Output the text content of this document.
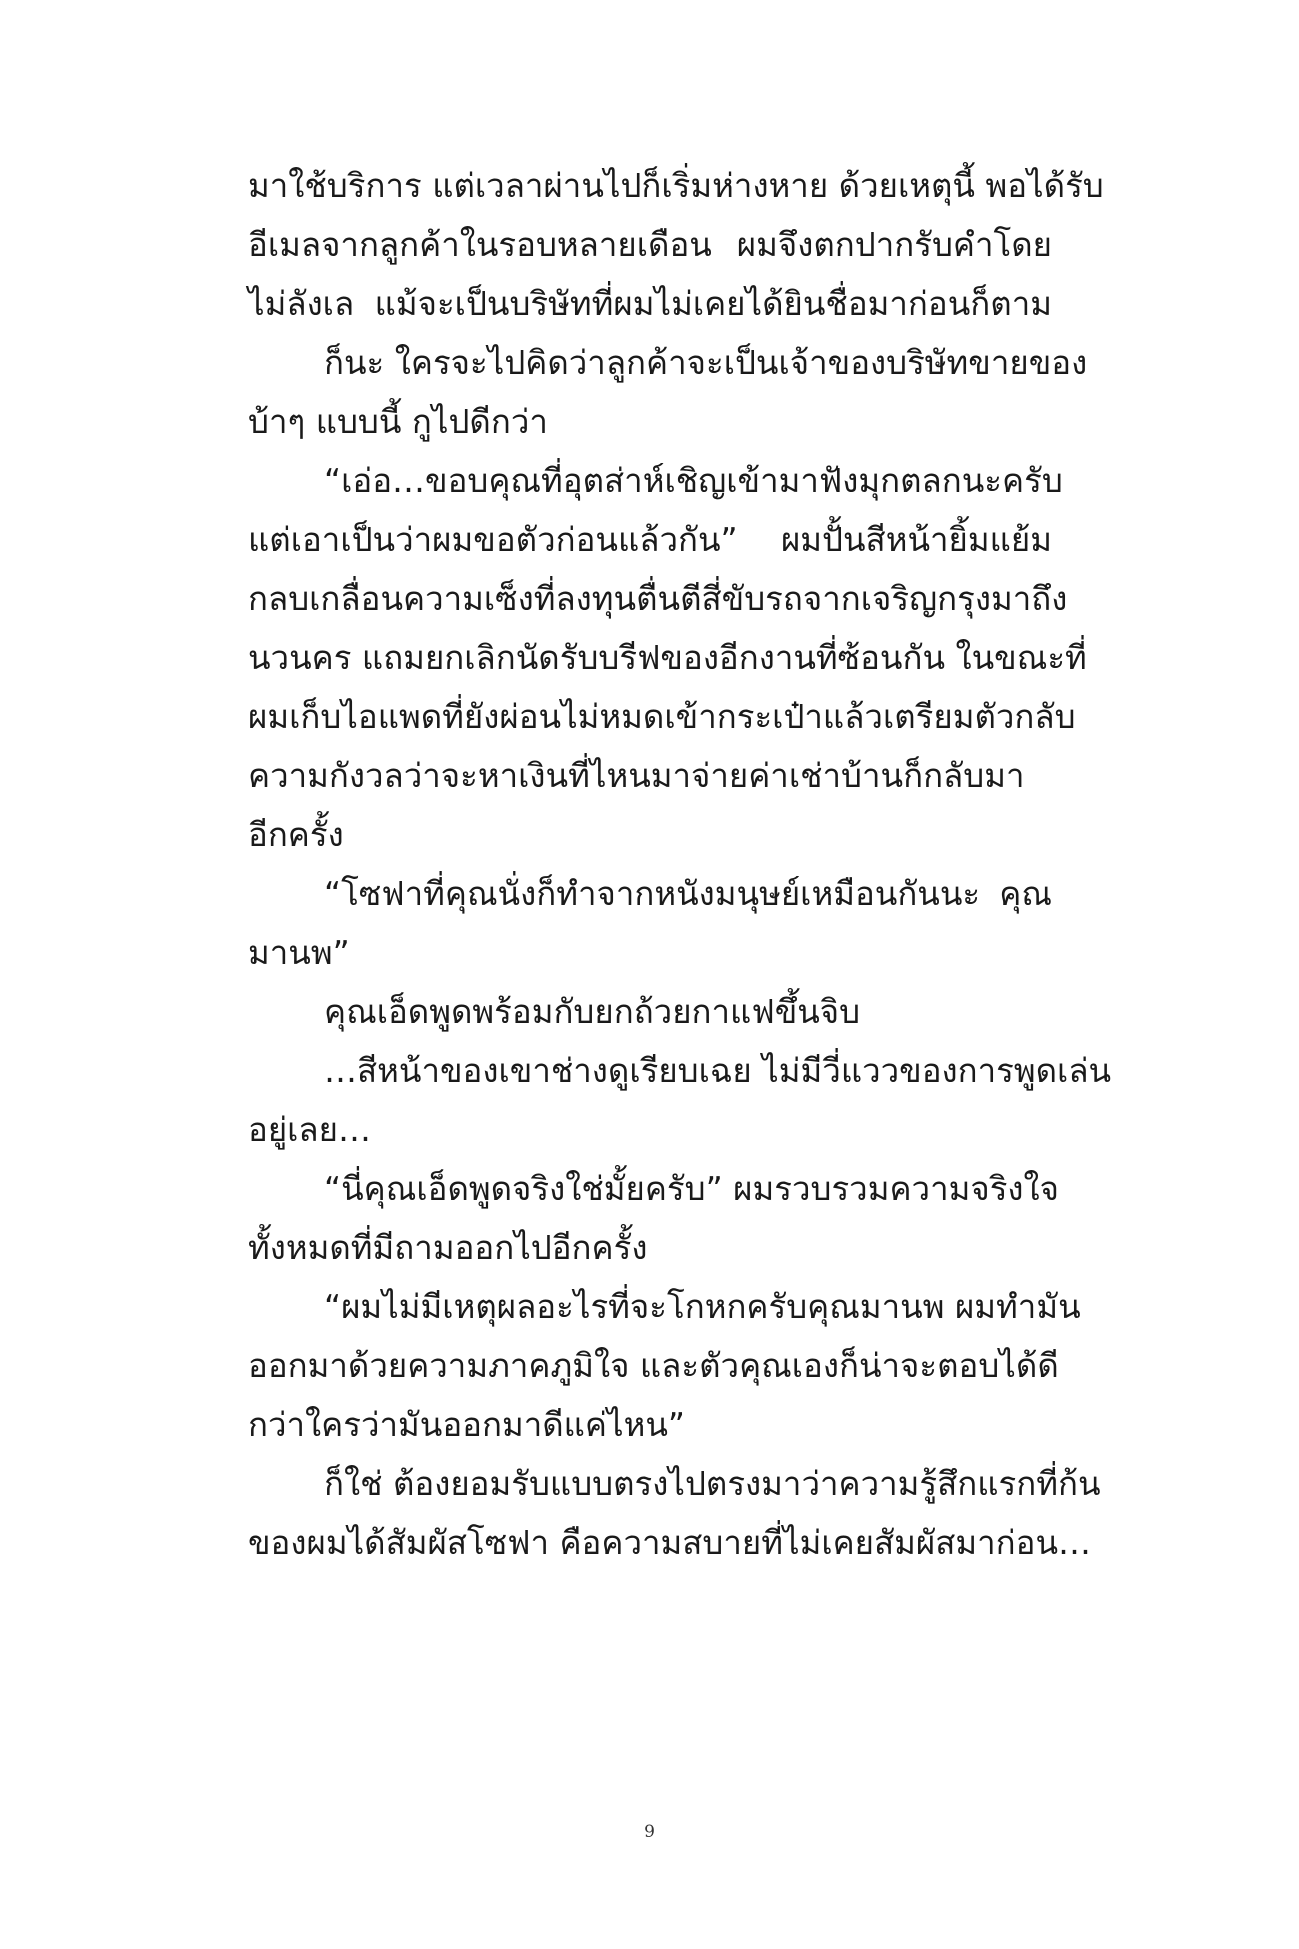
มาใช้บริการ แต่เวลาผ่านไปก็เริ่มห่างหาย ด้วยเหตุนี้ พอได้รับ
อีเมลจากลูกค้าในรอบหลายเดือน ผมจึงตกปากรับคำโดย
ไม่ลังเล แม้จะเป็นบริษัทที่ผมไม่เคยได้ยินชื่อมาก่อนก็ตาม
ก็นะ ใครจะไปคิดว่าลูกค้าจะเป็นเจ้าของบริษัทขายของ
บ้าๆ แบบนี้ กูไปดีกว่า
“เอ่อ…ขอบคุณที่อุตส่าห์เชิญเข้ามาฟังมุกตลกนะครับ
แต่เอาเป็นว่าผมขอตัวก่อนแล้วกัน” ผมปั้นสีหน้ายิ้มแย้ม
กลบเกลื่อนความเซ็งที่ลงทุนตื่นตีสี่ขับรถจากเจริญกรุงมาถึง
นวนคร แถมยกเลิกนัดรับบรีฟของอีกงานที่ซ้อนกัน ในขณะที่
ผมเก็บไอแพดที่ยังผ่อนไม่หมดเข้ากระเป๋าแล้วเตรียมตัวกลับ
ความกังวลว่าจะหาเงินที่ไหนมาจ่ายค่าเช่าบ้านก็กลับมา
อีกครั้ง
“โซฟาที่คุณนั่งก็ทำจากหนังมนุษย์เหมือนกันนะ คุณ
มานพ”
คุณเอ็ดพูดพร้อมกับยกถ้วยกาแฟขึ้นจิบ
…สีหน้าของเขาช่างดูเรียบเฉย ไม่มีวี่แววของการพูดเล่น
อยู่เลย…
“นี่คุณเอ็ดพูดจริงใช่มั้ยครับ” ผมรวบรวมความจริงใจ
ทั้งหมดที่มีถามออกไปอีกครั้ง
“ผมไม่มีเหตุผลอะไรที่จะโกหกครับคุณมานพ ผมทำมัน
ออกมาด้วยความภาคภูมิใจ และตัวคุณเองก็น่าจะตอบได้ดี
กว่าใครว่ามันออกมาดีแค่ไหน”
ก็ใช่ ต้องยอมรับแบบตรงไปตรงมาว่าความรู้สึกแรกที่ก้น
ของผมได้สัมผัสโซฟา คือความสบายที่ไม่เคยสัมผัสมาก่อน…
9
